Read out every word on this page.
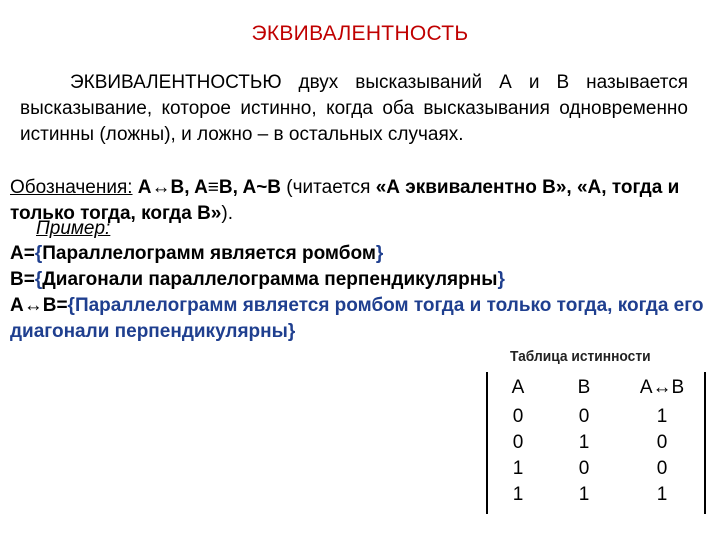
ЭКВИВАЛЕНТНОСТЬ
ЭКВИВАЛЕНТНОСТЬЮ двух высказываний А и В называется высказывание, которое истинно, когда оба высказывания одновременно истинны (ложны), и ложно – в остальных случаях.
Обозначения: A↔B, A≡B, A~B (читается «А эквивалентно В», «А, тогда и только тогда, когда В»).
Пример:
A={Параллелограмм является ромбом}
B={Диагонали параллелограмма перпендикулярны}
A↔B={Параллелограмм является ромбом тогда и только тогда, когда его диагонали перпендикулярны}
Таблица истинности
A	B	A↔B
0	0	1
0	1	0
1	0	0
1	1	1
